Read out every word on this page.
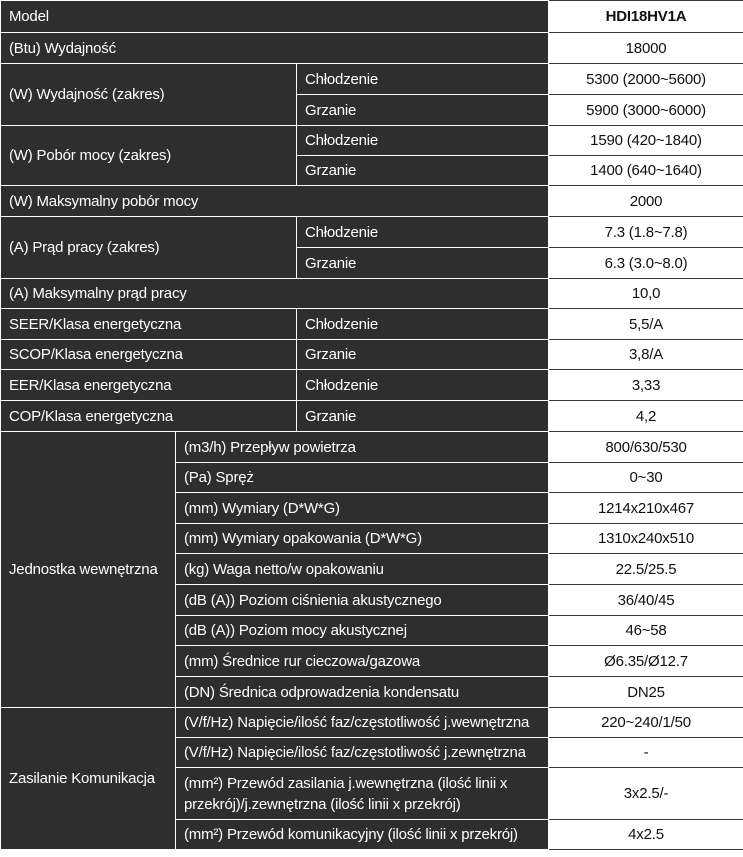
Model			HDI18HV1A
(Btu) Wydajność			18000
(W) Wydajność (zakres)		Chłodzenie	5300 (2000~5600)
		Grzanie	5900 (3000~6000)
(W) Pobór mocy (zakres)		Chłodzenie	1590 (420~1840)
		Grzanie	1400 (640~1640)
(W) Maksymalny pobór mocy			2000
(A) Prąd pracy (zakres)		Chłodzenie	7.3 (1.8~7.8)
		Grzanie	6.3 (3.0~8.0)
(A) Maksymalny prąd pracy			10,0
SEER/Klasa energetyczna		Chłodzenie	5,5/A
SCOP/Klasa energetyczna		Grzanie	3,8/A
EER/Klasa energetyczna		Chłodzenie	3,33
COP/Klasa energetyczna		Grzanie	4,2
Jednostka wewnętrzna	(m3/h) Przepływ powietrza		800/630/530
	(Pa) Spręż		0~30
	(mm) Wymiary (D*W*G)		1214x210x467
	(mm) Wymiary opakowania (D*W*G)		1310x240x510
	(kg) Waga netto/w opakowaniu		22.5/25.5
	(dB (A)) Poziom ciśnienia akustycznego		36/40/45
	(dB (A)) Poziom mocy akustycznej		46~58
	(mm) Średnice rur cieczowa/gazowa		Ø6.35/Ø12.7
	(DN) Średnica odprowadzenia kondensatu		DN25
Zasilanie Komunikacja	(V/f/Hz) Napięcie/ilość faz/częstotliwość j.wewnętrzna		220~240/1/50
	(V/f/Hz) Napięcie/ilość faz/częstotliwość j.zewnętrzna		-
	(mm²) Przewód zasilania j.wewnętrzna (ilość linii x przekrój)/j.zewnętrzna (ilość linii x przekrój)		3x2.5/-
	(mm²) Przewód komunikacyjny (ilość linii x przekrój)		4x2.5
